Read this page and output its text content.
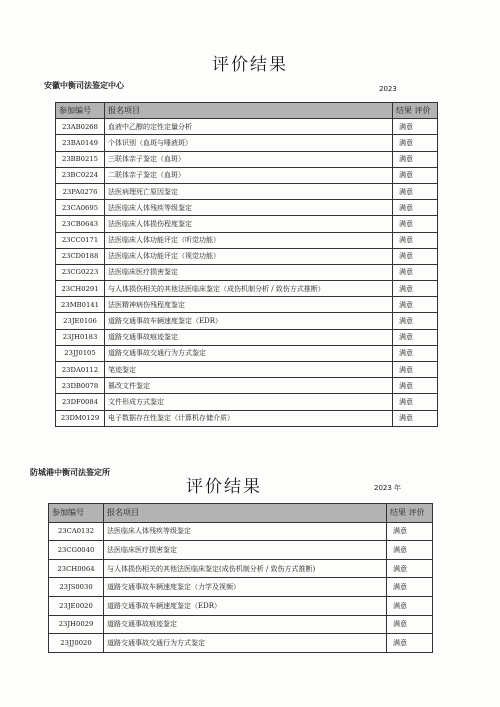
评价结果
安徽中衡司法鉴定中心	2023
参加编号	报名项目	结果 评价
23AB0268	血液中乙醇的定性定量分析	满意
23BA0149	个体识别（血斑与唾液斑）	满意
23BB0215	三联体亲子鉴定（血斑）	满意
23BC0224	二联体亲子鉴定（血斑）	满意
23PA0276	法医病理死亡原因鉴定	满意
23CA0695	法医临床人体残疾等级鉴定	满意
23CB0643	法医临床人体损伤程度鉴定	满意
23CC0171	法医临床人体功能评定（听觉功能）	满意
23CD0188	法医临床人体功能评定（视觉功能）	满意
23CG0223	法医临床医疗损害鉴定	满意
23CH0291	与人体损伤相关的其他法医临床鉴定（成伤机制分析 / 致伤方式推断）	满意
23MB0141	法医精神病伤残程度鉴定	满意
23JE0106	道路交通事故车辆速度鉴定（EDR）	满意
23JH0183	道路交通事故痕迹鉴定	满意
23JJ0105	道路交通事故交通行为方式鉴定	满意
23DA0112	笔迹鉴定	满意
23DB0078	篡改文件鉴定	满意
23DF0084	文件形成方式鉴定	满意
23DM0129	电子数据存在性鉴定（计算机存储介质）	满意
防城港中衡司法鉴定所
评价结果	2023 年
参加编号	报名项目	结果 评价
23CA0132	法医临床人体残疾等级鉴定	满意
23CG0040	法医临床医疗损害鉴定	满意
23CH0064	与人体损伤相关的其他法医临床鉴定(成伤机制分析 / 致伤方式推断)	满意
23JS0030	道路交通事故车辆速度鉴定（力学及视频）	满意
23JE0020	道路交通事故车辆速度鉴定（EDR）	满意
23JH0029	道路交通事故痕迹鉴定	满意
23JJ0020	道路交通事故交通行为方式鉴定	满意
